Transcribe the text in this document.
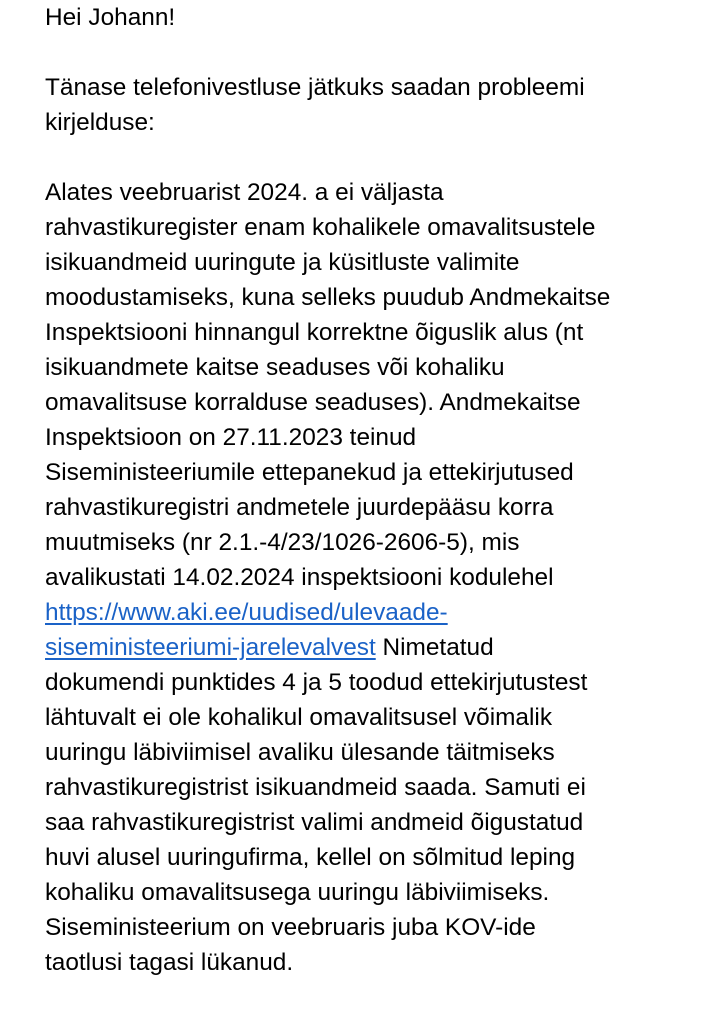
Hei Johann!
Tänase telefonivestluse jätkuks saadan probleemi
kirjelduse:
Alates veebruarist 2024. a ei väljasta
rahvastikuregister enam kohalikele omavalitsustele
isikuandmeid uuringute ja küsitluste valimite
moodustamiseks, kuna selleks puudub Andmekaitse
Inspektsiooni hinnangul korrektne õiguslik alus (nt
isikuandmete kaitse seaduses või kohaliku
omavalitsuse korralduse seaduses). Andmekaitse
Inspektsioon on 27.11.2023 teinud
Siseministeeriumile ettepanekud ja ettekirjutused
rahvastikuregistri andmetele juurdepääsu korra
muutmiseks (nr 2.1.-4/23/1026-2606-5), mis
avalikustati 14.02.2024 inspektsiooni kodulehel
https://www.aki.ee/uudised/ulevaade-
siseministeeriumi-jarelevalvest Nimetatud
dokumendi punktides 4 ja 5 toodud ettekirjutustest
lähtuvalt ei ole kohalikul omavalitsusel võimalik
uuringu läbiviimisel avaliku ülesande täitmiseks
rahvastikuregistrist isikuandmeid saada. Samuti ei
saa rahvastikuregistrist valimi andmeid õigustatud
huvi alusel uuringufirma, kellel on sõlmitud leping
kohaliku omavalitsusega uuringu läbiviimiseks.
Siseministeerium on veebruaris juba KOV-ide
taotlusi tagasi lükanud.
